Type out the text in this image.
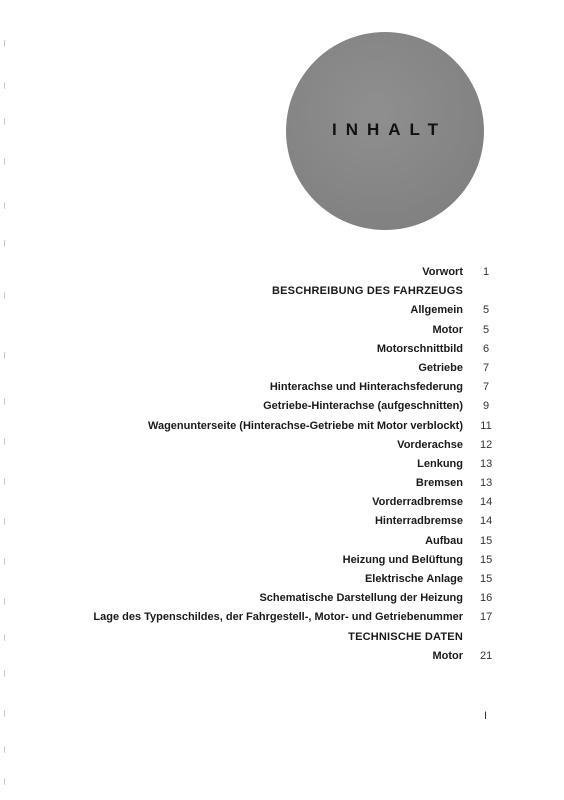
INHALT
Vorwort 1
BESCHREIBUNG DES FAHRZEUGS
Allgemein 5
Motor 5
Motorschnittbild 6
Getriebe 7
Hinterachse und Hinterachsfederung 7
Getriebe-Hinterachse (aufgeschnitten) 9
Wagenunterseite (Hinterachse-Getriebe mit Motor verblockt) 11
Vorderachse 12
Lenkung 13
Bremsen 13
Vorderradbremse 14
Hinterradbremse 14
Aufbau 15
Heizung und Belüftung 15
Elektrische Anlage 15
Schematische Darstellung der Heizung 16
Lage des Typenschildes, der Fahrgestell-, Motor- und Getriebenummer 17
TECHNISCHE DATEN
Motor 21
I
